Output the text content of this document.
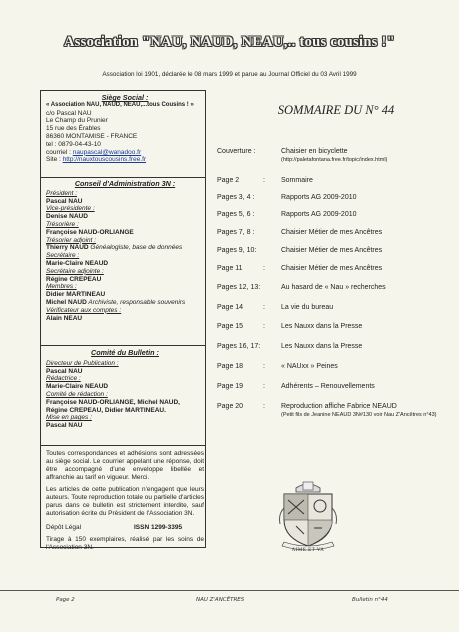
Association "NAU, NAUD, NEAU,.. tous cousins !"
Association loi 1901, déclarée le 08 mars 1999 et parue au Journal Officiel du 03 Avril 1999
Siège Social :
« Association NAU, NAUD, NEAU,...tous Cousins ! »
c/o Pascal NAU
Le Champ du Prunier
15 rue des Érables
86360 MONTAMISE - FRANCE
tel : 0879-04-43-10
courriel : naupascal@wanadoo.fr
Site : http://nauxtouscousins.free.fr
Conseil d'Administration 3N :
Président :
Pascal NAU
Vice-présidente :
Denise NAUD
Trésorière :
Françoise NAUD-ORLIANGE
Trésorier adjoint :
Thierry NAUD Généalogiste, base de données
Secrétaire :
Marie-Claire NEAUD
Secrétaire adjointe :
Régine CREPEAU
Membres :
Didier MARTINEAU
Michel NAUD Archiviste, responsable souvenirs
Vérificateur aux comptes :
Alain NEAU
Comité du Bulletin :
Directeur de Publication :
Pascal NAU
Rédactrice :
Marie-Claire NEAUD
Comité de rédaction :
Françoise NAUD-ORLIANGE, Michel NAUD,
Régine CREPEAU, Didier MARTINEAU.
Mise en pages :
Pascal NAU
Toutes correspondances et adhésions sont adressées au siège social. Le courrier appelant une réponse, doit être accompagné d'une enveloppe libellée et affranchie au tarif en vigueur. Merci.
Les articles de cette publication n'engagent que leurs auteurs. Toute reproduction totale ou partielle d'articles parus dans ce bulletin est strictement interdite, sauf autorisation écrite du Président de l'Association 3N.
Dépôt Légal	ISSN 1299-3395
Tirage à 150 exemplaires, réalisé par les soins de l'Association 3N.
SOMMAIRE DU N° 44
Couverture :	Chaisier en bicyclette
(http://paletafontana.free.fr/topic/index.html)
Page 2	: Sommaire
Pages 3, 4 :	Rapports AG 2009-2010
Pages 5, 6 :	Rapports AG 2009-2010
Pages 7, 8 :	Chaisier Métier de mes Ancêtres
Pages 9, 10:	Chaisier Métier de mes Ancêtres
Page 11	: Chaisier Métier de mes Ancêtres
Pages 12, 13:	Au hasard de « Nau » recherches
Page 14	: La vie du bureau
Page 15	: Les Nauxx dans la Presse
Pages 16, 17:	Les Nauxx dans la Presse
Page 18	: « NAUxx » Peines
Page 19	: Adhérents – Renouvellements
Page 20	: Reproduction affiche Fabrice NEAUD
(Petit fils de Jeanine NEAUD 3N#130 voir Nau Z'Ancêtres n°43)
AIME ET VA
Page 2	NAU Z'ANCÊTRES	Bulletin n°44
